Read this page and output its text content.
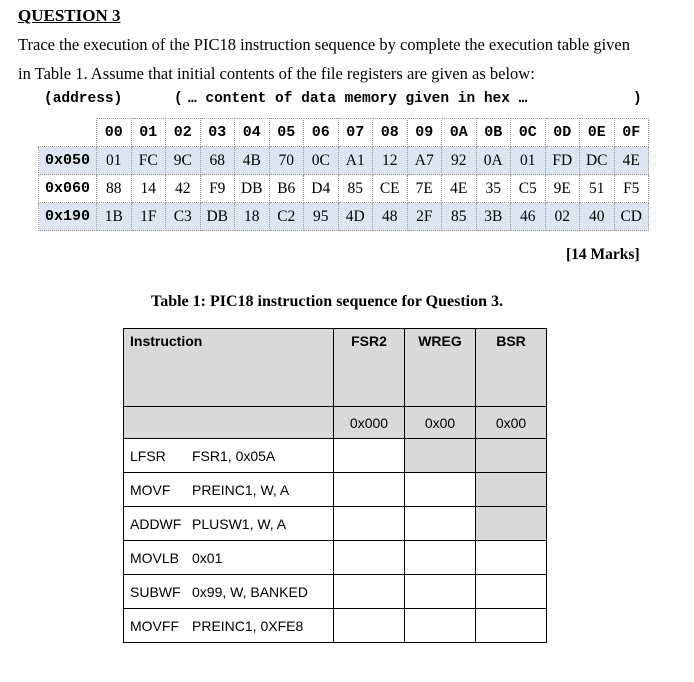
QUESTION 3
Trace the execution of the PIC18 instruction sequence by complete the execution table given
in Table 1. Assume that initial contents of the file registers are given as below:
(address)	( … content of data memory given in hex …	)
	00	01	02	03	04	05	06	07	08	09	0A	0B	0C	0D	0E	0F
0x050	01	FC	9C	68	4B	70	0C	A1	12	A7	92	0A	01	FD	DC	4E
0x060	88	14	42	F9	DB	B6	D4	85	CE	7E	4E	35	C5	9E	51	F5
0x190	1B	1F	C3	DB	18	C2	95	4D	48	2F	85	3B	46	02	40	CD
[14 Marks]
Table 1: PIC18 instruction sequence for Question 3.
Instruction	FSR2	WREG	BSR
	0x000	0x00	0x00
LFSR FSR1, 0x05A			
MOVF PREINC1, W, A			
ADDWF PLUSW1, W, A			
MOVLB 0x01			
SUBWF 0x99, W, BANKED			
MOVFF PREINC1, 0XFE8			
